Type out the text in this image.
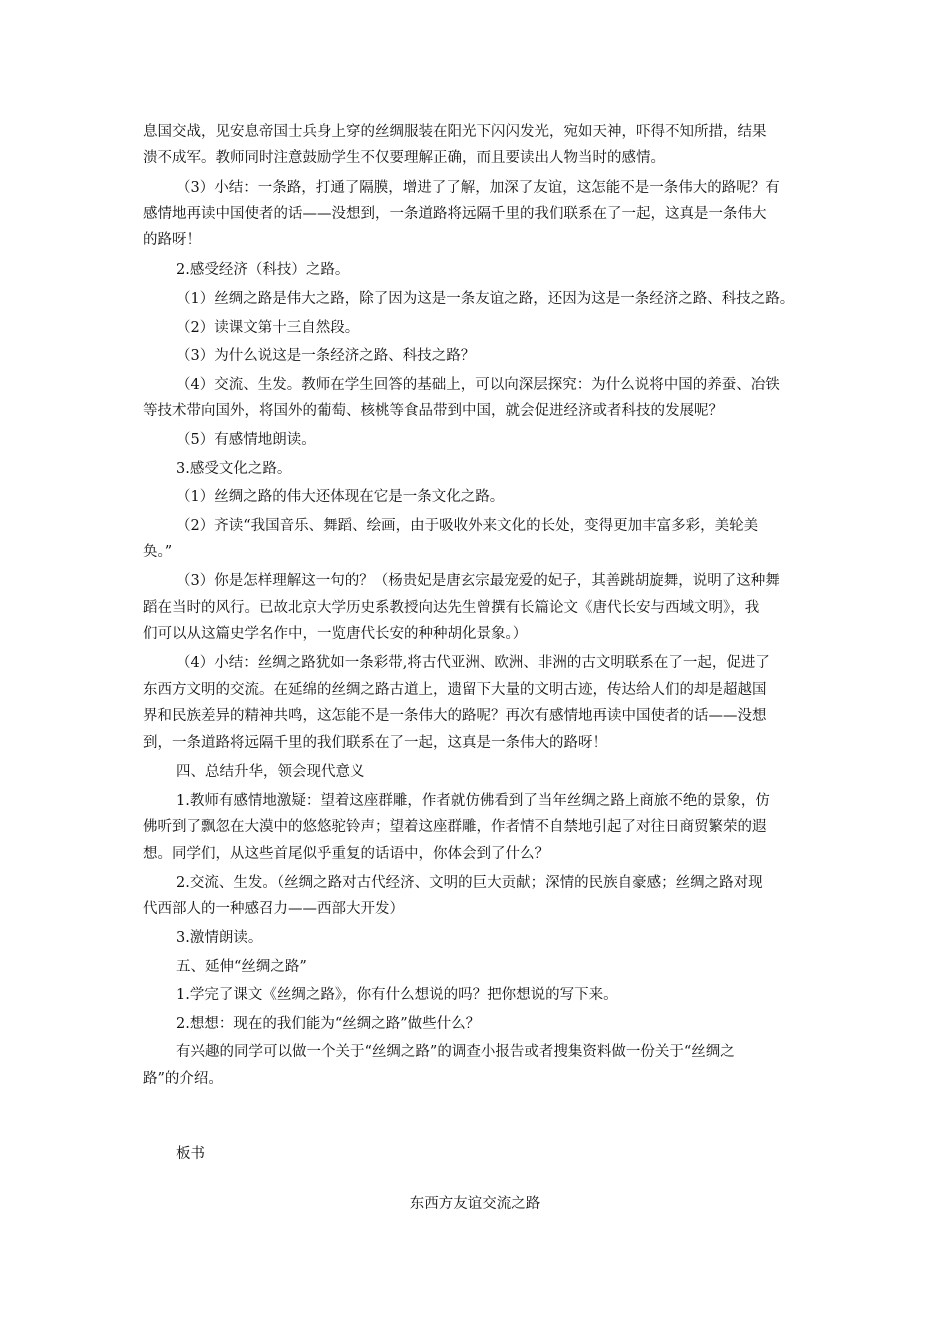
息国交战，见安息帝国士兵身上穿的丝绸服装在阳光下闪闪发光，宛如天神，吓得不知所措，结果
溃不成军。教师同时注意鼓励学生不仅要理解正确，而且要读出人物当时的感情。
（3）小结：一条路，打通了隔膜，增进了了解，加深了友谊，这怎能不是一条伟大的路呢？有
感情地再读中国使者的话——没想到，一条道路将远隔千里的我们联系在了一起，这真是一条伟大
的路呀！
2.感受经济（科技）之路。
（1）丝绸之路是伟大之路，除了因为这是一条友谊之路，还因为这是一条经济之路、科技之路。
（2）读课文第十三自然段。
（3）为什么说这是一条经济之路、科技之路？
（4）交流、生发。教师在学生回答的基础上，可以向深层探究：为什么说将中国的养蚕、冶铁
等技术带向国外，将国外的葡萄、核桃等食品带到中国，就会促进经济或者科技的发展呢？
（5）有感情地朗读。
3.感受文化之路。
（1）丝绸之路的伟大还体现在它是一条文化之路。
（2）齐读“我国音乐、舞蹈、绘画，由于吸收外来文化的长处，变得更加丰富多彩，美轮美
奂。”
（3）你是怎样理解这一句的？（杨贵妃是唐玄宗最宠爱的妃子，其善跳胡旋舞，说明了这种舞
蹈在当时的风行。已故北京大学历史系教授向达先生曾撰有长篇论文《唐代长安与西域文明》，我
们可以从这篇史学名作中，一览唐代长安的种种胡化景象。）
（4）小结：丝绸之路犹如一条彩带,将古代亚洲、欧洲、非洲的古文明联系在了一起，促进了
东西方文明的交流。在延绵的丝绸之路古道上，遗留下大量的文明古迹，传达给人们的却是超越国
界和民族差异的精神共鸣，这怎能不是一条伟大的路呢？再次有感情地再读中国使者的话——没想
到，一条道路将远隔千里的我们联系在了一起，这真是一条伟大的路呀！
四、总结升华，领会现代意义
1.教师有感情地激疑：望着这座群雕，作者就仿佛看到了当年丝绸之路上商旅不绝的景象，仿
佛听到了飘忽在大漠中的悠悠驼铃声；望着这座群雕，作者情不自禁地引起了对往日商贸繁荣的遐
想。同学们，从这些首尾似乎重复的话语中，你体会到了什么？
2.交流、生发。（丝绸之路对古代经济、文明的巨大贡献；深情的民族自豪感；丝绸之路对现
代西部人的一种感召力——西部大开发）
3.激情朗读。
五、延伸“丝绸之路”
1.学完了课文《丝绸之路》，你有什么想说的吗？把你想说的写下来。
2.想想：现在的我们能为“丝绸之路”做些什么？
有兴趣的同学可以做一个关于“丝绸之路”的调查小报告或者搜集资料做一份关于“丝绸之
路”的介绍。
板书
东西方友谊交流之路
